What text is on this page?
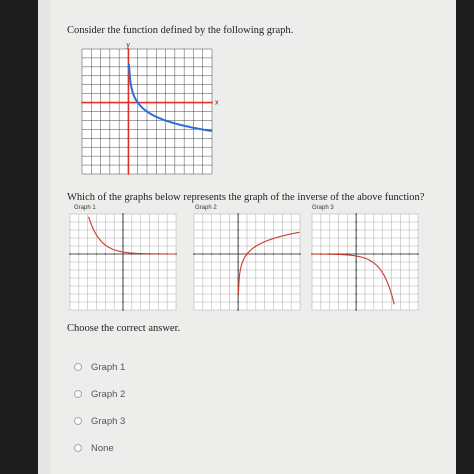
Consider the function defined by the following graph.
x
y
Which of the graphs below represents the graph of the inverse of the above function?
Graph 1	Graph 2	Graph 3
Choose the correct answer.
Graph 1
Graph 2
Graph 3
None
